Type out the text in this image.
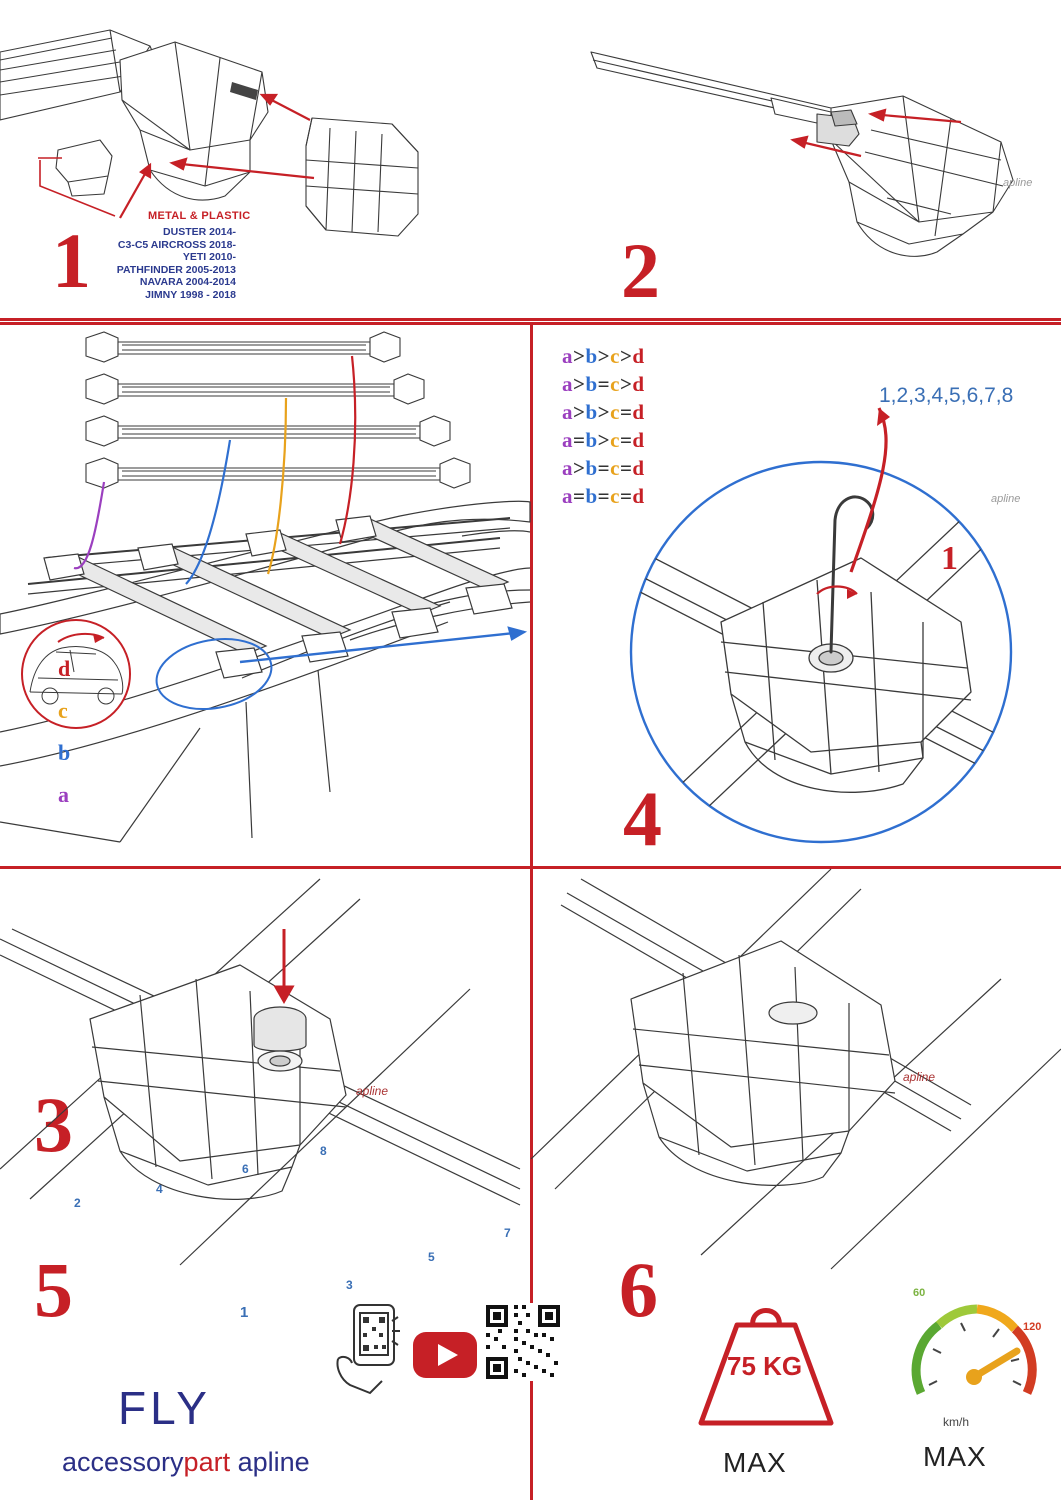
METAL & PLASTIC
DUSTER 2014-
C3-C5 AIRCROSS 2018-
YETI 2010-
PATHFINDER 2005-2013
NAVARA 2004-2014
JIMNY 1998 - 2018
1
apline
2
d
c
b
a
2
4
6
8
7
5
3
1
3
a>b>c>d
a>b=c>d
a>b>c=d
a=b>c=d
a>b=c=d
a=b=c=d	apline
1,2,3,4,5,6,7,8
1
4
apline
5
FLY
accessorypart apline
apline
6
75 KG
MAX
60
120
km/h
MAX
